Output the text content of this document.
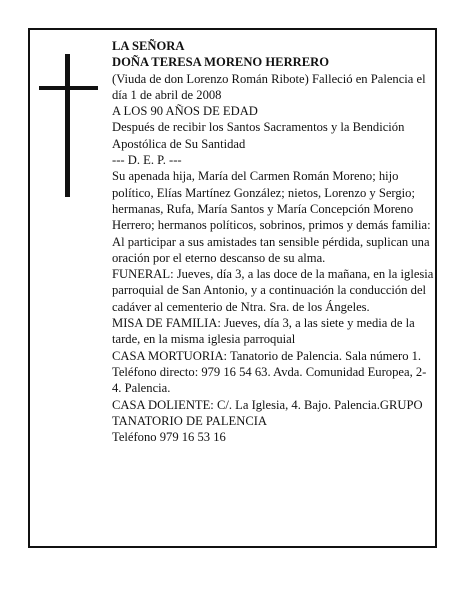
LA SEÑORA

DOÑA TERESA MORENO HERRERO

(Viuda de don Lorenzo Román Ribote) Falleció en Palencia el día 1 de abril de 2008

A LOS 90 AÑOS DE EDAD

Después de recibir los Santos Sacramentos y la Bendición Apostólica de Su Santidad

--- D. E. P. ---

Su apenada hija, María del Carmen Román Moreno; hijo político, Elías Martínez González; nietos, Lorenzo y Sergio; hermanas, Rufa, María Santos y María Concepción Moreno Herrero; hermanos políticos, sobrinos, primos y demás familia:

Al participar a sus amistades tan sensible pérdida, suplican una oración por el eterno descanso de su alma.

FUNERAL: Jueves, día 3, a las doce de la mañana, en la iglesia parroquial de San Antonio, y a continuación la conducción del cadáver al cementerio de Ntra. Sra. de los Ángeles.

MISA DE FAMILIA: Jueves, día 3, a las siete y media de la tarde, en la misma iglesia parroquial

CASA MORTUORIA: Tanatorio de Palencia. Sala número 1. Teléfono directo: 979 16 54 63. Avda. Comunidad Europea, 2-4. Palencia.

CASA DOLIENTE: C/. La Iglesia, 4. Bajo. Palencia.GRUPO TANATORIO DE PALENCIA

Teléfono 979 16 53 16
